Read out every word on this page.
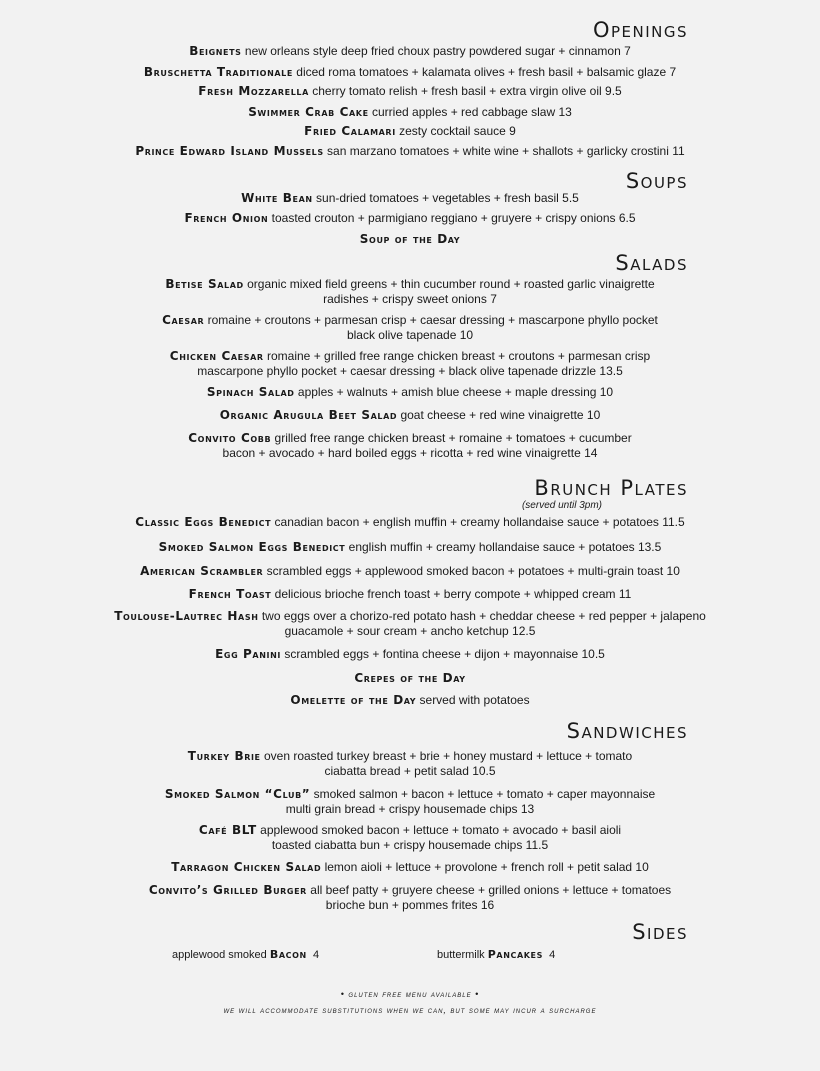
Openings
Beignets new orleans style deep fried choux pastry powdered sugar + cinnamon 7
Bruschetta Traditionale diced roma tomatoes + kalamata olives + fresh basil + balsamic glaze 7
Fresh Mozzarella cherry tomato relish + fresh basil + extra virgin olive oil 9.5
Swimmer Crab Cake curried apples + red cabbage slaw 13
Fried Calamari zesty cocktail sauce 9
Prince Edward Island Mussels san marzano tomatoes + white wine + shallots + garlicky crostini 11
Soups
White Bean sun-dried tomatoes + vegetables + fresh basil 5.5
French Onion toasted crouton + parmigiano reggiano + gruyere + crispy onions 6.5
Soup of the Day
Salads
Betise Salad organic mixed field greens + thin cucumber round + roasted garlic vinaigrette
radishes + crispy sweet onions 7
Caesar romaine + croutons + parmesan crisp + caesar dressing + mascarpone phyllo pocket
black olive tapenade 10
Chicken Caesar romaine + grilled free range chicken breast + croutons + parmesan crisp
mascarpone phyllo pocket + caesar dressing + black olive tapenade drizzle 13.5
Spinach Salad apples + walnuts + amish blue cheese + maple dressing 10
Organic Arugula Beet Salad goat cheese + red wine vinaigrette 10
Convito Cobb grilled free range chicken breast + romaine + tomatoes + cucumber
bacon + avocado + hard boiled eggs + ricotta + red wine vinaigrette 14
Brunch Plates
(served until 3pm)
Classic Eggs Benedict canadian bacon + english muffin + creamy hollandaise sauce + potatoes 11.5
Smoked Salmon Eggs Benedict english muffin + creamy hollandaise sauce + potatoes 13.5
American Scrambler scrambled eggs + applewood smoked bacon + potatoes + multi-grain toast 10
French Toast delicious brioche french toast + berry compote + whipped cream 11
Toulouse-Lautrec Hash two eggs over a chorizo-red potato hash + cheddar cheese + red pepper + jalapeno
guacamole + sour cream + ancho ketchup 12.5
Egg Panini scrambled eggs + fontina cheese + dijon + mayonnaise 10.5
Crepes of the Day
Omelette of the Day served with potatoes
Sandwiches
Turkey Brie oven roasted turkey breast + brie + honey mustard + lettuce + tomato
ciabatta bread + petit salad 10.5
Smoked Salmon “Club” smoked salmon + bacon + lettuce + tomato + caper mayonnaise
multi grain bread + crispy housemade chips 13
Café BLT applewood smoked bacon + lettuce + tomato + avocado + basil aioli
toasted ciabatta bun + crispy housemade chips 11.5
Tarragon Chicken Salad lemon aioli + lettuce + provolone + french roll + petit salad 10
Convito’s Grilled Burger all beef patty + gruyere cheese + grilled onions + lettuce + tomatoes
brioche bun + pommes frites 16
Sides
applewood smoked Bacon 4	buttermilk Pancakes 4
• gluten free menu available •
we will accommodate substitutions when we can, but some may incur a surcharge
